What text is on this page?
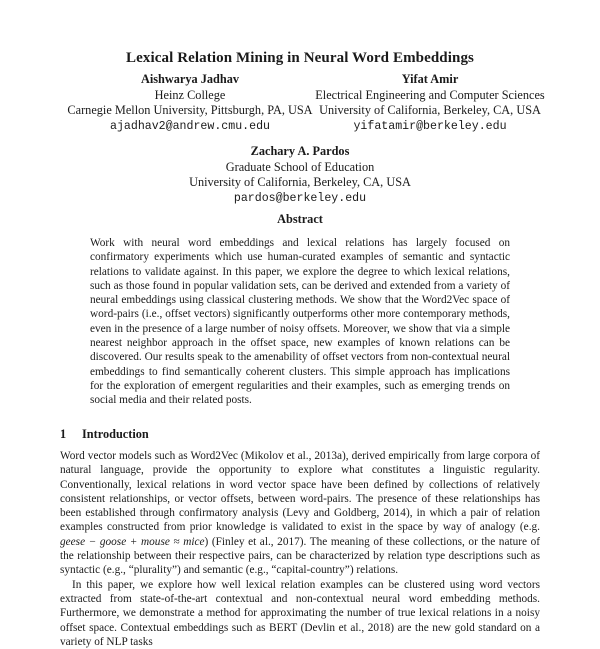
Lexical Relation Mining in Neural Word Embeddings
Aishwarya Jadhav
Heinz College
Carnegie Mellon University, Pittsburgh, PA, USA
ajadhav2@andrew.cmu.edu
Yifat Amir
Electrical Engineering and Computer Sciences
University of California, Berkeley, CA, USA
yifatamir@berkeley.edu
Zachary A. Pardos
Graduate School of Education
University of California, Berkeley, CA, USA
pardos@berkeley.edu
Abstract
Work with neural word embeddings and lexical relations has largely focused on confirmatory experiments which use human-curated examples of semantic and syntactic relations to validate against. In this paper, we explore the degree to which lexical relations, such as those found in popular validation sets, can be derived and extended from a variety of neural embeddings using classical clustering methods. We show that the Word2Vec space of word-pairs (i.e., offset vectors) significantly outperforms other more contemporary methods, even in the presence of a large number of noisy offsets. Moreover, we show that via a simple nearest neighbor approach in the offset space, new examples of known relations can be discovered. Our results speak to the amenability of offset vectors from non-contextual neural embeddings to find semantically coherent clusters. This simple approach has implications for the exploration of emergent regularities and their examples, such as emerging trends on social media and their related posts.
1 Introduction

Word vector models such as Word2Vec (Mikolov et al., 2013a), derived empirically from large corpora of natural language, provide the opportunity to explore what constitutes a linguistic regularity. Conventionally, lexical relations in word vector space have been defined by collections of relatively consistent relationships, or vector offsets, between word-pairs. The presence of these relationships has been established through confirmatory analysis (Levy and Goldberg, 2014), in which a pair of relation examples constructed from prior knowledge is validated to exist in the space by way of analogy (e.g. geese − goose + mouse ≈ mice) (Finley et al., 2017). The meaning of these collections, or the nature of the relationship between their respective pairs, can be characterized by relation type descriptions such as syntactic (e.g., “plurality”) and semantic (e.g., “capital-country”) relations.

In this paper, we explore how well lexical relation examples can be clustered using word vectors extracted from state-of-the-art contextual and non-contextual neural word embedding methods. Furthermore, we demonstrate a method for approximating the number of true lexical relations in a noisy offset space. Contextual embeddings such as BERT (Devlin et al., 2018) are the new gold standard on a variety of NLP tasks
